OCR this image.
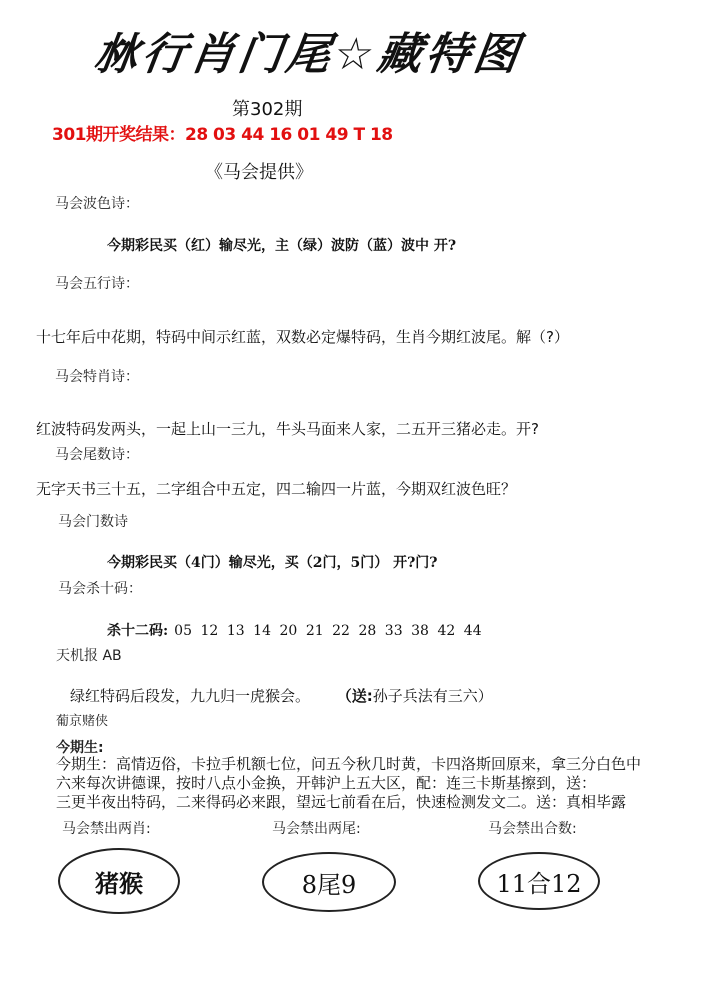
沝行肖门尾☆藏特图
第302期
301期开奖结果：28 03 44 16 01 49 T 18
《马会提供》
马会波色诗：
今期彩民买（红）输尽光，主（绿）波防（蓝）波中 开?
马会五行诗：
十七年后中花期，特码中间示红蓝，双数必定爆特码，生肖今期红波尾。解（?）
马会特肖诗：
红波特码发两头，一起上山一三九，牛头马面来人家，二五开三猪必走。开?
马会尾数诗：
无字天书三十五，二字组合中五定，四二输四一片蓝，今期双红波色旺？
马会门数诗
今期彩民买（4门）输尽光，买（2门，5门） 开?门?
马会杀十码：
杀十二码: 05 12 13 14 20 21 22 28 33 38 42 44
天机报 AB
绿红特码后段发，九九归一虎猴会。 （送:孙子兵法有三六）
葡京赌侠
今期生:
今期生：高情迈俗，卡拉手机额七位，问五今秋几时黄，卡四洛斯回原来，拿三分白色中
六来每次讲德课，按时八点小金换，开韩沪上五大区，配：连三卡斯基擦到，送：
三更半夜出特码，二来得码必来跟，望远七前看在后，快速检测发文二。送：真相毕露
马会禁出两肖:	马会禁出两尾:	马会禁出合数:
猪猴	8尾9	11合12
